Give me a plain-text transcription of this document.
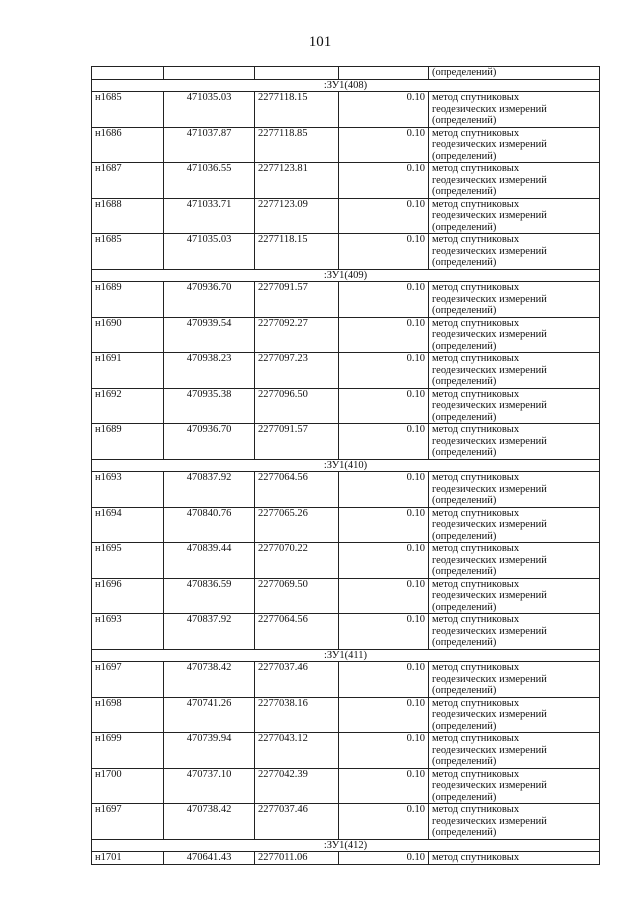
101
				(определений)
:ЗУ1(408)				
н1685	471035.03	2277118.15	0.10	метод спутниковых
геодезических измерений
(определений)

н1686	471037.87	2277118.85	0.10	метод спутниковых
геодезических измерений
(определений)

н1687	471036.55	2277123.81	0.10	метод спутниковых
геодезических измерений
(определений)

н1688	471033.71	2277123.09	0.10	метод спутниковых
геодезических измерений
(определений)

н1685	471035.03	2277118.15	0.10	метод спутниковых
геодезических измерений
(определений)

:ЗУ1(409)				
н1689	470936.70	2277091.57	0.10	метод спутниковых
геодезических измерений
(определений)

н1690	470939.54	2277092.27	0.10	метод спутниковых
геодезических измерений
(определений)

н1691	470938.23	2277097.23	0.10	метод спутниковых
геодезических измерений
(определений)

н1692	470935.38	2277096.50	0.10	метод спутниковых
геодезических измерений
(определений)

н1689	470936.70	2277091.57	0.10	метод спутниковых
геодезических измерений
(определений)

:ЗУ1(410)				
н1693	470837.92	2277064.56	0.10	метод спутниковых
геодезических измерений
(определений)

н1694	470840.76	2277065.26	0.10	метод спутниковых
геодезических измерений
(определений)

н1695	470839.44	2277070.22	0.10	метод спутниковых
геодезических измерений
(определений)

н1696	470836.59	2277069.50	0.10	метод спутниковых
геодезических измерений
(определений)

н1693	470837.92	2277064.56	0.10	метод спутниковых
геодезических измерений
(определений)

:ЗУ1(411)				
н1697	470738.42	2277037.46	0.10	метод спутниковых
геодезических измерений
(определений)

н1698	470741.26	2277038.16	0.10	метод спутниковых
геодезических измерений
(определений)

н1699	470739.94	2277043.12	0.10	метод спутниковых
геодезических измерений
(определений)

н1700	470737.10	2277042.39	0.10	метод спутниковых
геодезических измерений
(определений)

н1697	470738.42	2277037.46	0.10	метод спутниковых
геодезических измерений
(определений)

:ЗУ1(412)				
н1701	470641.43	2277011.06	0.10	метод спутниковых
